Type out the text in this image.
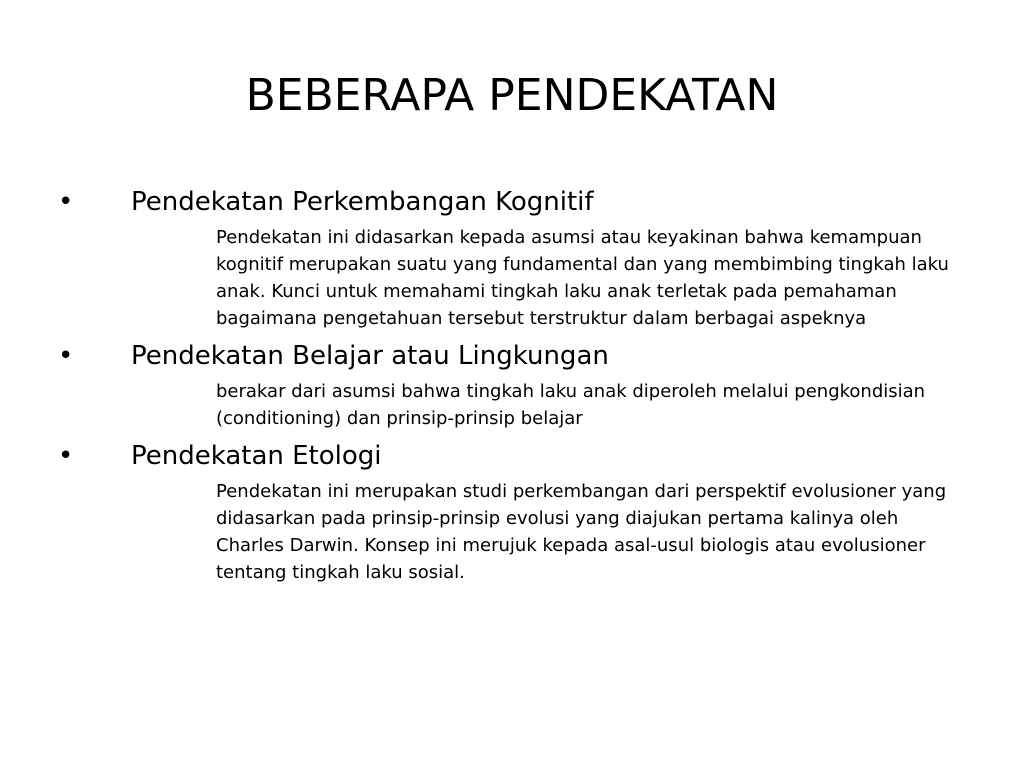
BEBERAPA PENDEKATAN
• Pendekatan Perkembangan Kognitif

Pendekatan ini didasarkan kepada asumsi atau keyakinan bahwa kemampuan kognitif merupakan suatu yang fundamental dan yang membimbing tingkah laku anak. Kunci untuk memahami tingkah laku anak terletak pada pemahaman bagaimana pengetahuan tersebut terstruktur dalam berbagai aspeknya

• Pendekatan Belajar atau Lingkungan

berakar dari asumsi bahwa tingkah laku anak diperoleh melalui pengkondisian (conditioning) dan prinsip-prinsip belajar

• Pendekatan Etologi

Pendekatan ini merupakan studi perkembangan dari perspektif evolusioner yang didasarkan pada prinsip-prinsip evolusi yang diajukan pertama kalinya oleh Charles Darwin. Konsep ini merujuk kepada asal-usul biologis atau evolusioner tentang tingkah laku sosial.
